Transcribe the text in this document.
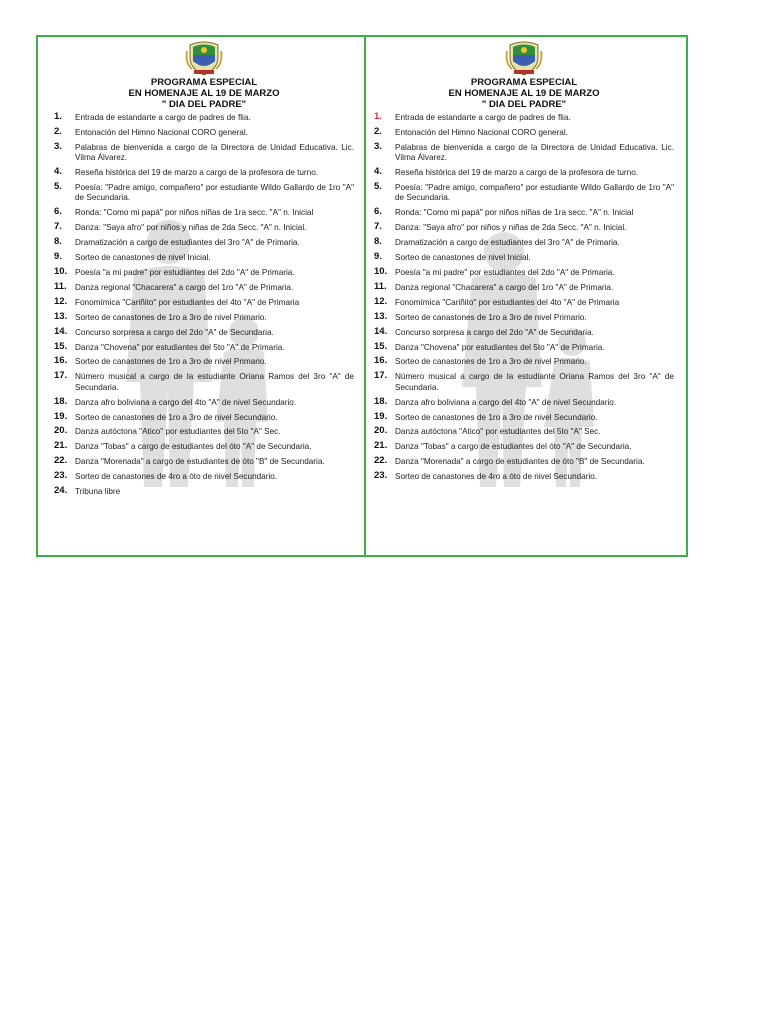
PROGRAMA ESPECIAL
EN HOMENAJE AL 19 DE MARZO
" DIA DEL PADRE"
1.	Entrada de estandarte a cargo de padres de flia.
2.	Entonación del Himno Nacional CORO general.
3.	Palabras de bienvenida a cargo de la Directora de Unidad Educativa. Lic. Vilma Álvarez.
4.	Reseña histórica del 19 de marzo a cargo de la profesora de turno.
5.	Poesía: "Padre amigo, compañero" por estudiante Wildo Gallardo de 1ro "A" de Secundaria.
6.	Ronda: "Como mi papá" por niños niñas de 1ra secc. "A" n. Inicial
7.	Danza: "Saya afro" por niños y niñas de 2da Secc. "A" n. Inicial.
8.	Dramatización a cargo de estudiantes del 3ro "A" de Primaria.
9.	Sorteo de canastones de nivel Inicial.
10. Poesía "a mi padre" por estudiantes del 2do "A" de Primaria.
11.	Danza regional "Chacarera" a cargo del 1ro "A" de Primaria.
12. Fonomímica "Cariñito" por estudiantes del 4to "A" de Primaria
13. Sorteo de canastones de 1ro a 3ro de nivel Primario.
14. Concurso sorpresa a cargo del 2do "A" de Secundaria.
15. Danza "Chovena" por estudiantes del 5to "A" de Primaria.
16. Sorteo de canastones de 1ro a 3ro de nivel Primario.
17. Número musical a cargo de la estudiante Oriana Ramos del 3ro "A" de Secundaria.
18. Danza afro boliviana a cargo del 4to "A" de nivel Secundario.
19. Sorteo de canastones de 1ro a 3ro de nivel Secundario.
20. Danza autóctona "Atico" por estudiantes del 5to "A" Sec.
21. Danza "Tobas" a cargo de estudiantes del óto "A" de Secundaria.
22. Danza "Morenada" a cargo de estudiantes de óto "B" de Secundaria.
23. Sorteo de canastones de 4ro a óto de nivel Secundario.
24. Tribuna libre
PROGRAMA ESPECIAL
EN HOMENAJE AL 19 DE MARZO
" DIA DEL PADRE"
1.	Entrada de estandarte a cargo de padres de flia.
2.	Entonación del Himno Nacional CORO general.
3.	Palabras de bienvenida a cargo de la Directora de Unidad Educativa. Lic. Vilma Álvarez.
4.	Reseña histórica del 19 de marzo a cargo de la profesora de turno.
5.	Poesía: "Padre amigo, compañero" por estudiante Wildo Gallardo de 1ro "A" de Secundaria.
6.	Ronda: "Como mi papá" por niños niñas de 1ra secc. "A" n. Inicial
7.	Danza: "Saya afro" por niños y niñas de 2da Secc. "A" n. Inicial.
8.	Dramatización a cargo de estudiantes del 3ro "A" de Primaria.
9.	Sorteo de canastones de nivel Inicial.
10. Poesía "a mi padre" por estudiantes del 2do "A" de Primaria.
11.	Danza regional "Chacarera" a cargo del 1ro "A" de Primaria.
12. Fonomímica "Cariñito" por estudiantes del 4to "A" de Primaria
13. Sorteo de canastones de 1ro a 3ro de nivel Primario.
14. Concurso sorpresa a cargo del 2do "A" de Secundaria.
15. Danza "Chovena" por estudiantes del 5to "A" de Primaria.
16. Sorteo de canastones de 1ro a 3ro de nivel Primario.
17. Número musical a cargo de la estudiante Oriana Ramos del 3ro "A" de Secundaria.
18. Danza afro boliviana a cargo del 4to "A" de nivel Secundario.
19. Sorteo de canastones de 1ro a 3ro de nivel Secundario.
20. Danza autóctona "Atico" por estudiantes del 5to "A" Sec.
21. Danza "Tobas" a cargo de estudiantes del óto "A" de Secundaria.
22. Danza "Morenada" a cargo de estudiantes de óto "B" de Secundaria.
23. Sorteo de canastones de 4ro a óto de nivel Secundario.
